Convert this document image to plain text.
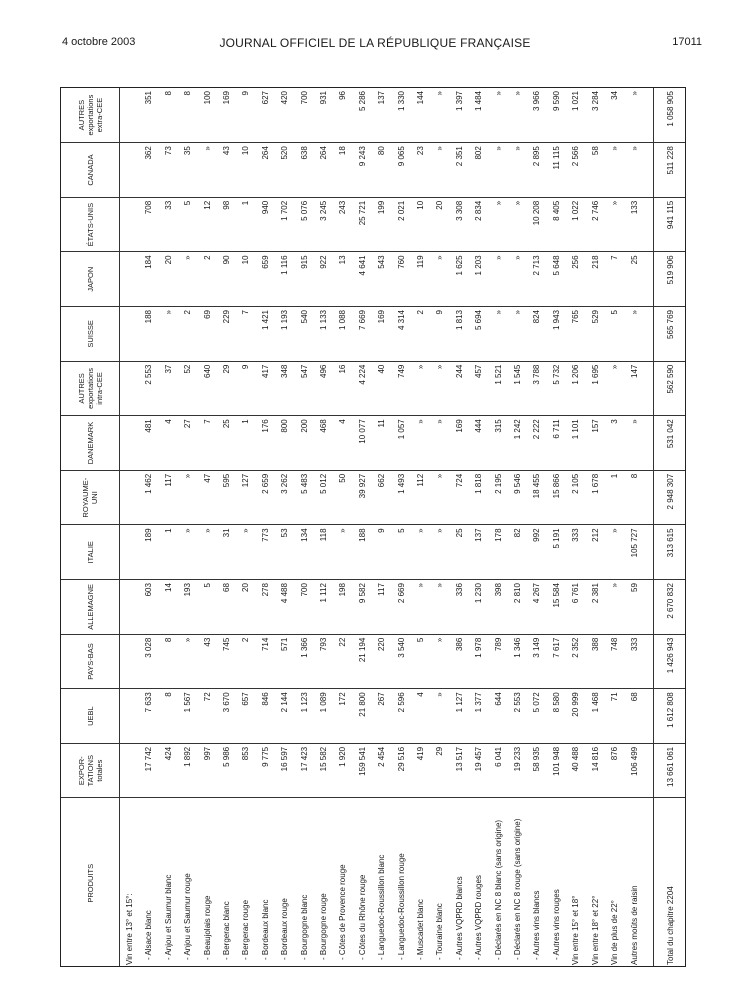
4 octobre 2003	JOURNAL OFFICIEL DE LA RÉPUBLIQUE FRANÇAISE	17011
PRODUITS	EXPOR-TATIONS totales	UEBL	PAYS-BAS	ALLEMAGNE	ITALIE	ROYAUME-UNI	DANEMARK	AUTRES exportations intra-CEE	SUISSE	JAPON	ÉTATS-UNIS	CANADA	AUTRES exportations extra-CEE
Vin entre 13° et 15°:													
- Alsace blanc	17 742	7 633	3 028	603	189	1 462	481	2 553	188	184	708	362	351
- Anjou et Saumur blanc	424	8	8	14	1	117	4	37	»	20	33	73	8
- Anjou et Saumur rouge	1 892	1 567	»	193	»	»	27	52	2	»	5	35	8
- Beaujolais rouge	997	72	43	5	»	47	7	640	69	2	12	»	100
- Bergerac blanc	5 986	3 670	745	68	31	595	25	29	229	90	98	43	169
- Bergerac rouge	853	657	2	20	»	127	1	9	7	10	1	10	9
- Bordeaux blanc	9 775	846	714	278	773	2 659	176	417	1 421	659	940	264	627
- Bordeaux rouge	16 597	2 144	571	4 488	53	3 262	800	348	1 193	1 116	1 702	520	420
- Bourgogne blanc	17 423	1 123	1 366	700	134	5 483	200	547	540	915	5 076	638	700
- Bourgogne rouge	15 582	1 089	793	1 112	118	5 012	468	496	1 133	922	3 245	264	931
- Côtes de Provence rouge	1 920	172	22	198	»	50	4	16	1 088	13	243	18	96
- Côtes du Rhône rouge	159 541	21 800	21 194	9 582	188	39 927	10 077	4 224	7 669	4 641	25 721	9 243	5 286
- Languedoc-Roussillon blanc	2 454	267	220	117	9	662	11	40	169	543	199	80	137
- Languedoc-Roussillon rouge	29 516	2 596	3 540	2 669	5	1 493	1 057	749	4 314	760	2 021	9 065	1 330
- Muscadet blanc	419	4	5	»	»	112	»	»	2	119	10	23	144
- Touraine blanc	29	»	»	»	»	»	»	»	9	»	20	»	»
- Autres VQPRD blancs	13 517	1 127	386	336	25	724	169	244	1 813	1 625	3 308	2 351	1 397
- Autres VQPRD rouges	19 457	1 377	1 978	1 230	137	1 818	444	457	5 694	1 203	2 834	802	1 484
- Déclarés en NC 8 blanc (sans origine)	6 041	644	789	398	178	2 195	315	1 521	»	»	»	»	»
- Déclarés en NC 8 rouge (sans origine)	19 233	2 553	1 346	2 810	82	9 546	1 242	1 545	»	»	»	»	»
- Autres vins blancs	58 935	5 072	3 149	4 267	992	18 455	2 222	3 788	824	2 713	10 208	2 895	3 966
- Autres vins rouges	101 948	8 580	7 617	15 584	5 191	15 866	6 711	5 732	1 943	5 648	8 405	11 115	9 590
Vin entre 15° et 18°	40 488	20 999	2 352	6 761	333	2 105	1 101	1 206	765	256	1 022	2 566	1 021
Vin entre 18° et 22°	14 816	1 468	388	2 381	212	1 678	157	1 695	529	218	2 746	58	3 284
Vin de plus de 22°	876	71	748	»	»	1	3	»	5	7	»	»	34
Autres moûts de raisin	106 499	68	333	59	105 727	8	»	147	»	25	133	»	»

Total du chapitre 2204	13 661 061	1 612 808	1 426 943	2 670 832	313 615	2 948 307	531 042	562 590	565 769	519 906	941 115	511 228	1 058 905
